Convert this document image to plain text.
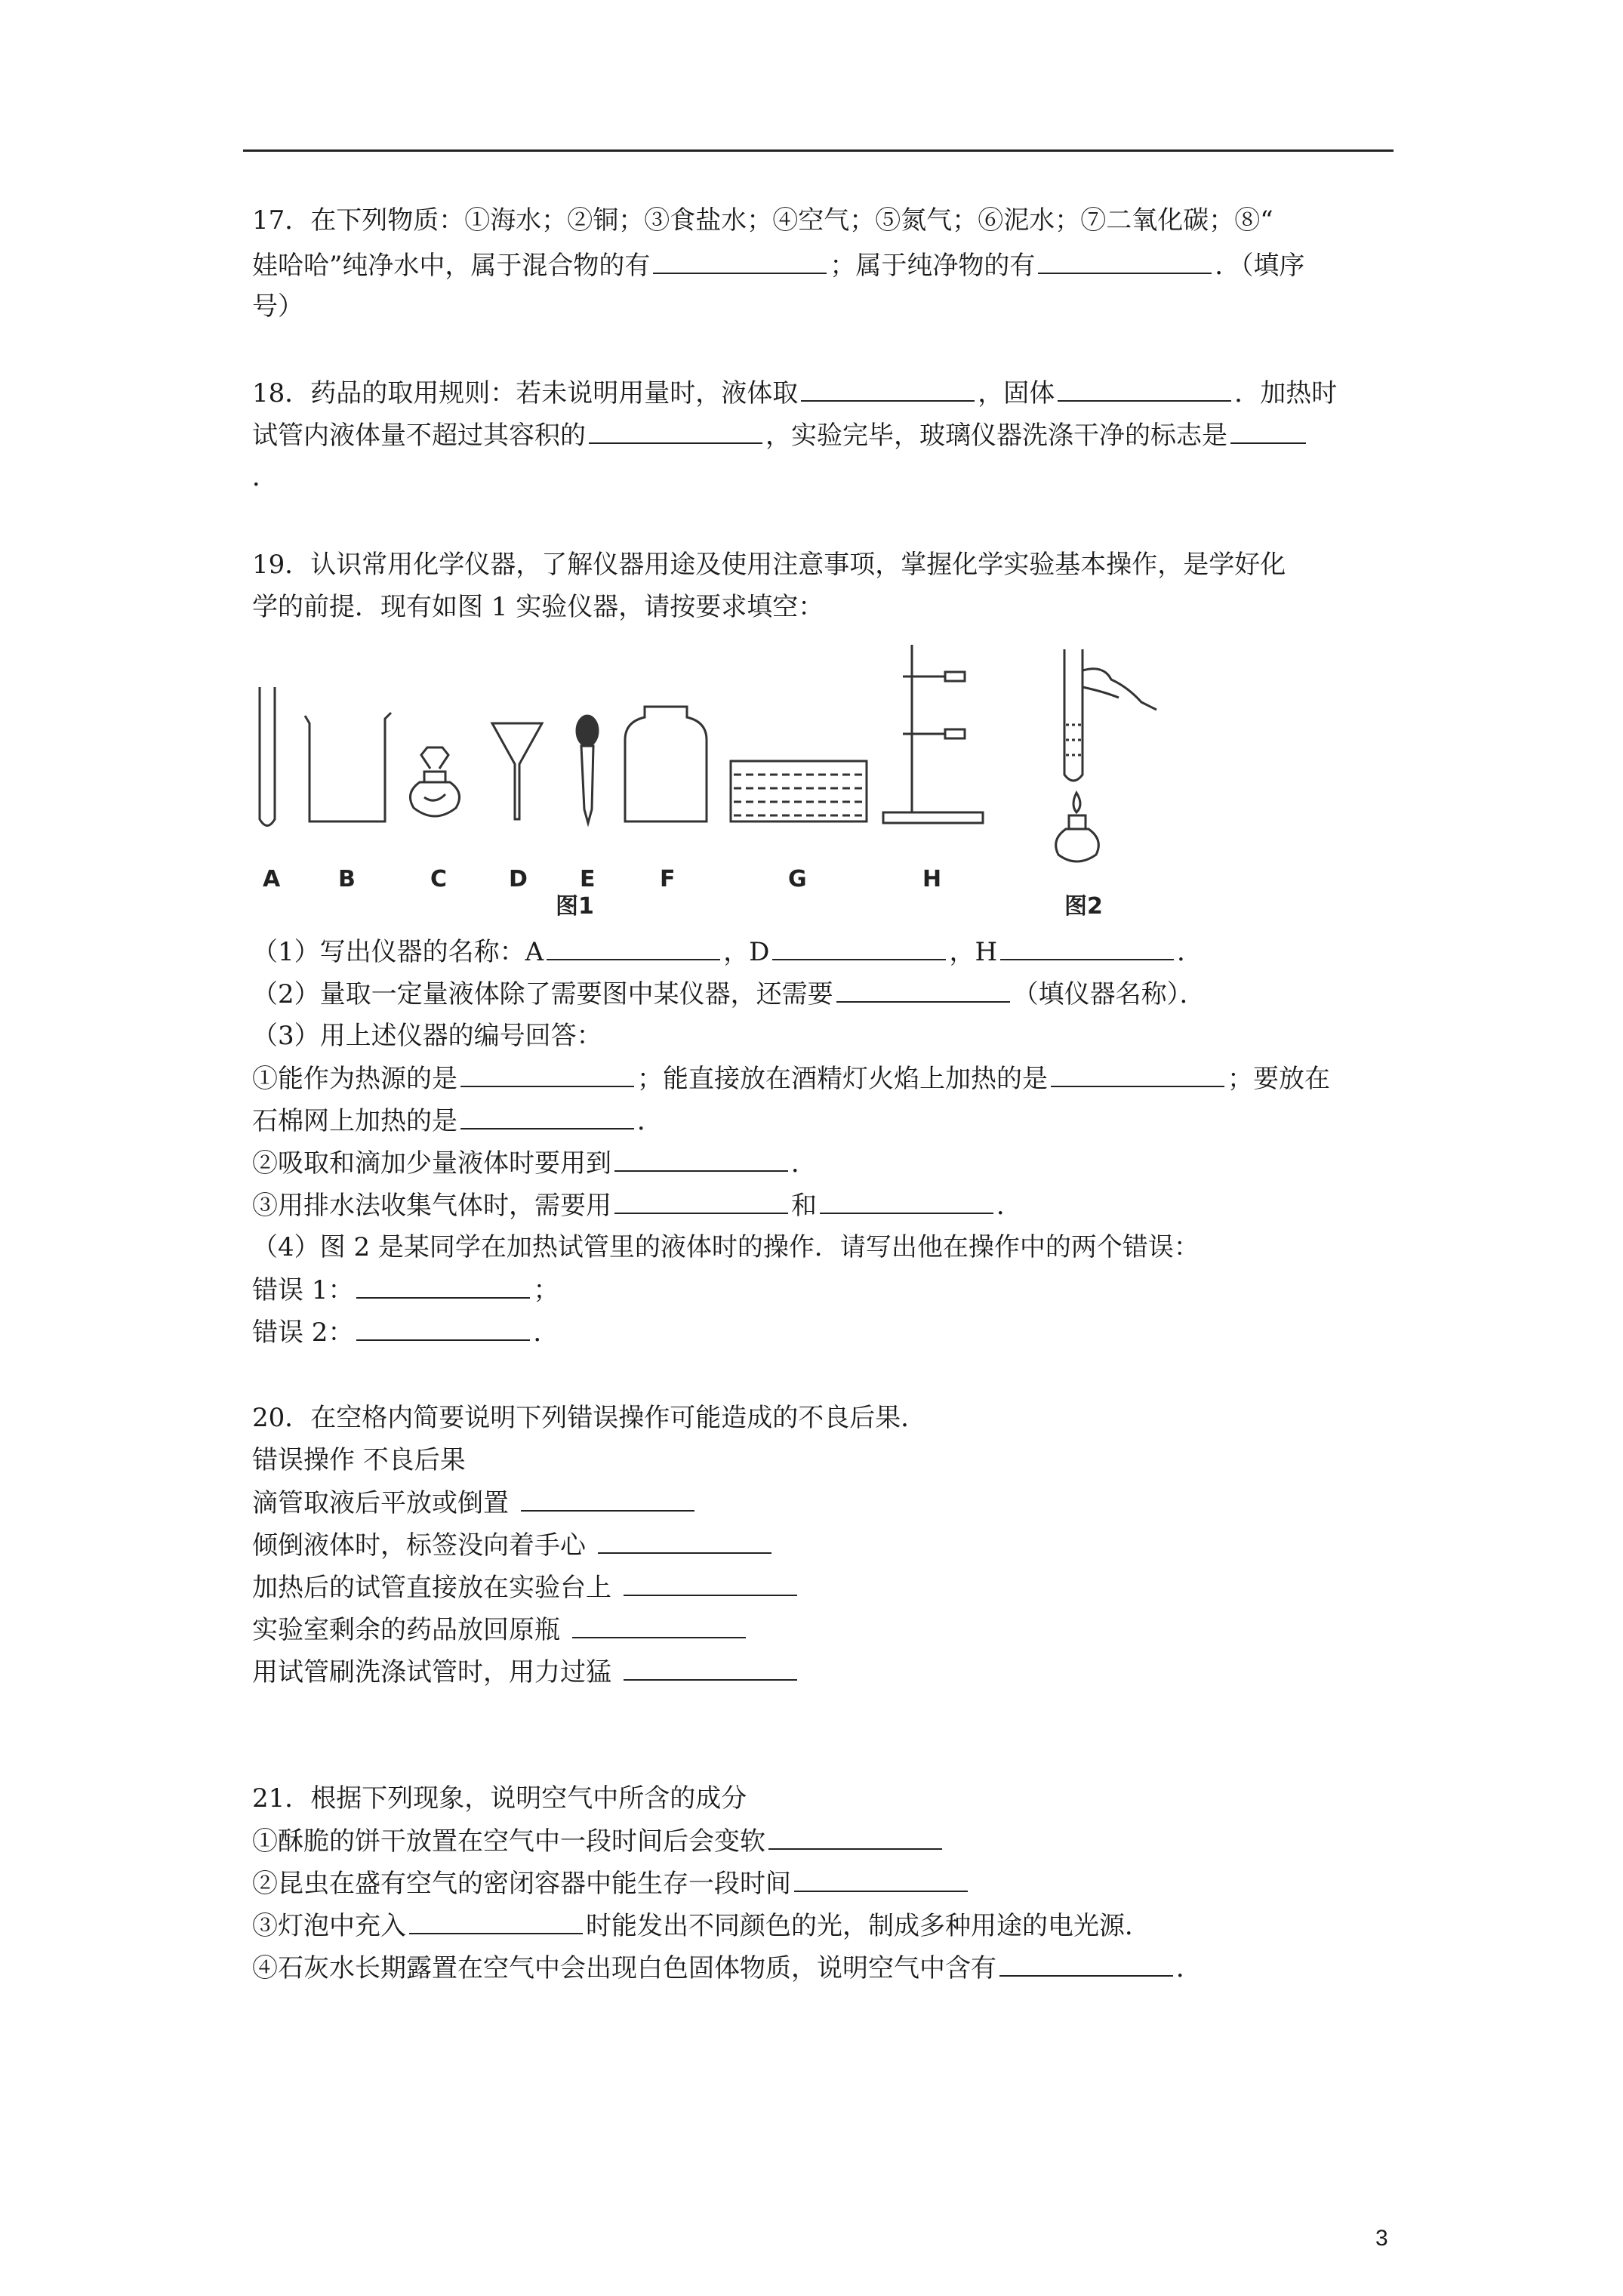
17．在下列物质：①海水；②铜；③食盐水；④空气；⑤氮气；⑥泥水；⑦二氧化碳；⑧“
娃哈哈”纯净水中，属于混合物的有	；属于纯净物的有	．（填序
号）
18．药品的取用规则：若未说明用量时，液体取	，固体	．加热时
试管内液体量不超过其容积的	，实验完毕，玻璃仪器洗涤干净的标志是
．
19．认识常用化学仪器，了解仪器用途及使用注意事项，掌握化学实验基本操作，是学好化
学的前提．现有如图 1 实验仪器，请按要求填空：
A	B	C	D E	F	G	H
图1	图2
（1）写出仪器的名称：A	，D	，H	．
（2）量取一定量液体除了需要图中某仪器，还需要	（填仪器名称）．
（3）用上述仪器的编号回答：
①能作为热源的是	；能直接放在酒精灯火焰上加热的是	；要放在
石棉网上加热的是	．
②吸取和滴加少量液体时要用到	．
③用排水法收集气体时，需要用	和	．
（4）图 2 是某同学在加热试管里的液体时的操作．请写出他在操作中的两个错误：
错误 1：	；
错误 2：	．
20．在空格内简要说明下列错误操作可能造成的不良后果．
错误操作 不良后果
滴管取液后平放或倒置
倾倒液体时，标签没向着手心
加热后的试管直接放在实验台上
实验室剩余的药品放回原瓶
用试管刷洗涤试管时，用力过猛
21．根据下列现象，说明空气中所含的成分
①酥脆的饼干放置在空气中一段时间后会变软
②昆虫在盛有空气的密闭容器中能生存一段时间
③灯泡中充入	时能发出不同颜色的光，制成多种用途的电光源．
④石灰水长期露置在空气中会出现白色固体物质，说明空气中含有	．
3
